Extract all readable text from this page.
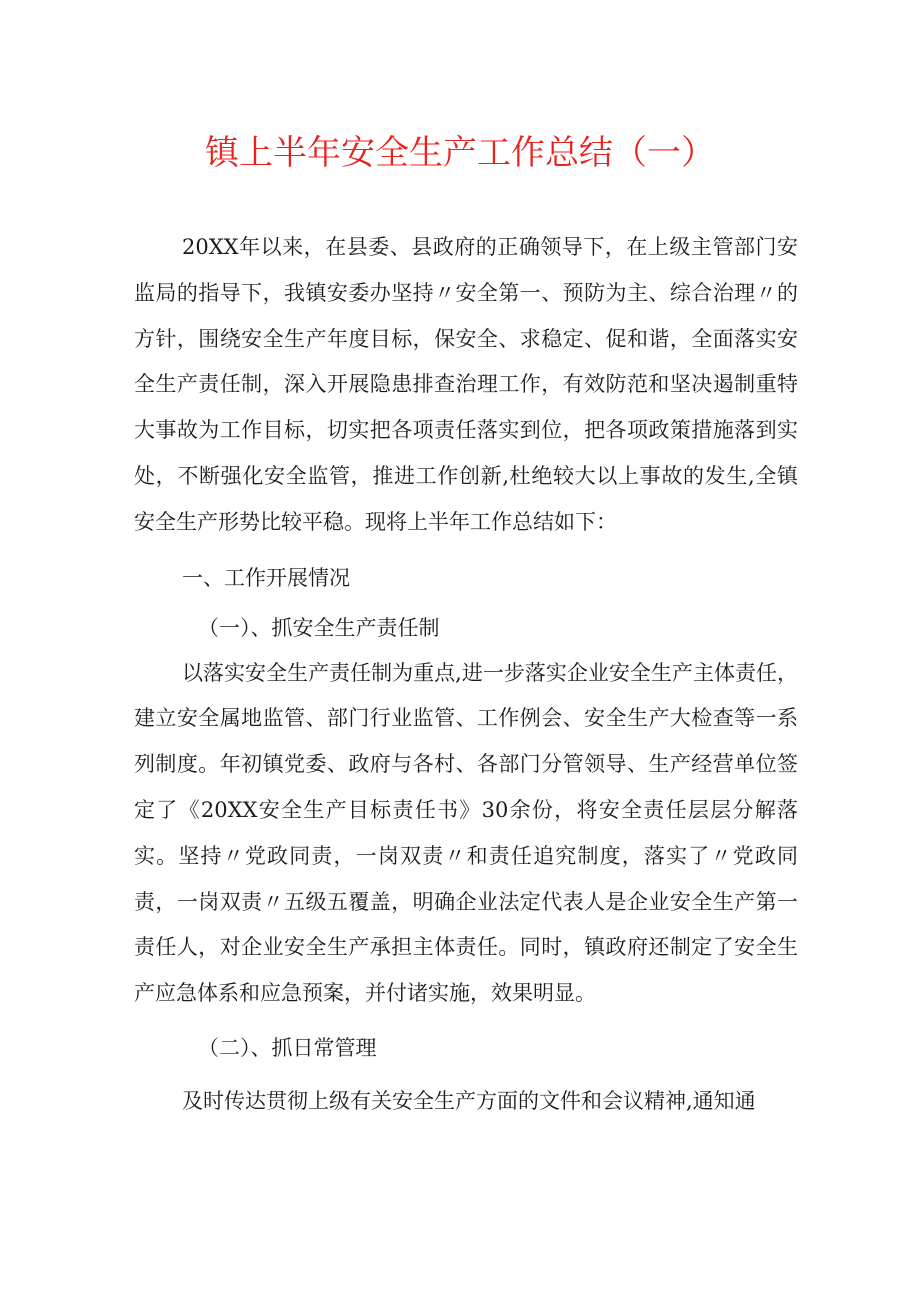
镇上半年安全生产工作总结（一）

20XX年以来，在县委、县政府的正确领导下，在上级主管部门安监局的指导下，我镇安委办坚持〃安全第一、预防为主、综合治理〃的方针，围绕安全生产年度目标，保安全、求稳定、促和谐，全面落实安全生产责任制，深入开展隐患排查治理工作，有效防范和坚决遏制重特大事故为工作目标，切实把各项责任落实到位，把各项政策措施落到实处，不断强化安全监管，推进工作创新,杜绝较大以上事故的发生,全镇安全生产形势比较平稳。现将上半年工作总结如下：

一、工作开展情况

（一）、抓安全生产责任制

以落实安全生产责任制为重点,进一步落实企业安全生产主体责任，建立安全属地监管、部门行业监管、工作例会、安全生产大检查等一系列制度。年初镇党委、政府与各村、各部门分管领导、生产经营单位签定了《20XX安全生产目标责任书》30余份，将安全责任层层分解落实。坚持〃党政同责，一岗双责〃和责任追究制度，落实了〃党政同责，一岗双责〃五级五覆盖，明确企业法定代表人是企业安全生产第一责任人，对企业安全生产承担主体责任。同时，镇政府还制定了安全生产应急体系和应急预案，并付诸实施，效果明显。

（二）、抓日常管理

及时传达贯彻上级有关安全生产方面的文件和会议精神,通知通
